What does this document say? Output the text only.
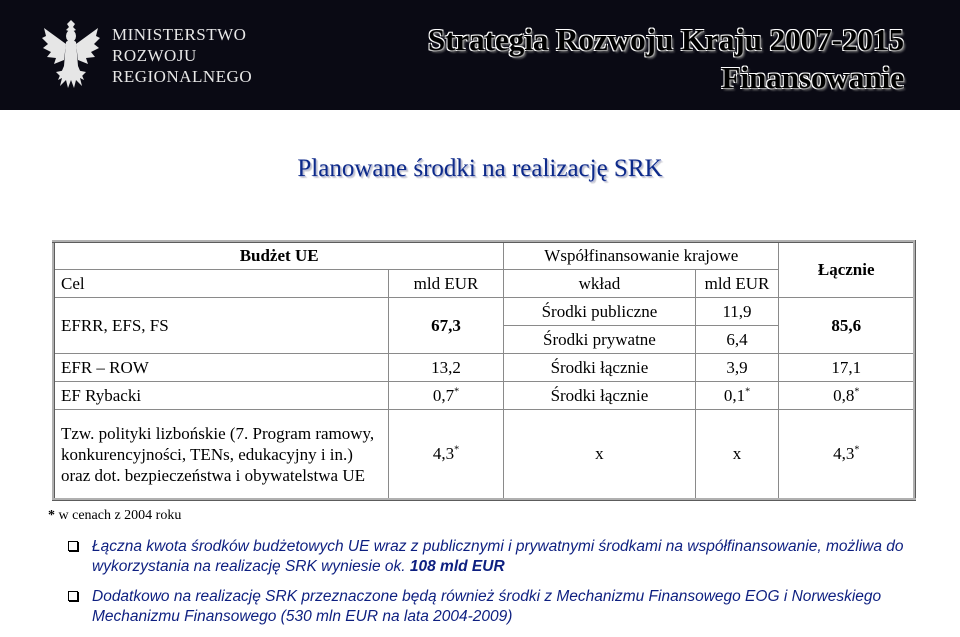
MINISTERSTWO
ROZWOJU
REGIONALNEGO
Strategia Rozwoju Kraju 2007-2015
Finansowanie
Planowane środki na realizację SRK
Budżet UE		Współfinansowanie krajowe		Łącznie
Cel	mld EUR	wkład	mld EUR	
EFRR, EFS, FS	67,3	Środki publiczne	11,9	85,6
		Środki prywatne	6,4	
EFR – ROW	13,2	Środki łącznie	3,9	17,1
EF Rybacki	0,7*	Środki łącznie	0,1*	0,8*
Tzw. polityki lizbońskie (7. Program ramowy, konkurencyjności, TENs, edukacyjny i in.) oraz dot. bezpieczeństwa i obywatelstwa UE	4,3*	x	x	4,3*
* w cenach z 2004 roku
Łączna kwota środków budżetowych UE wraz z publicznymi i prywatnymi środkami na współfinansowanie, możliwa do wykorzystania na realizację SRK wyniesie ok. 108 mld EUR
Dodatkowo na realizację SRK przeznaczone będą również środki z Mechanizmu Finansowego EOG i Norweskiego Mechanizmu Finansowego (530 mln EUR na lata 2004-2009)
